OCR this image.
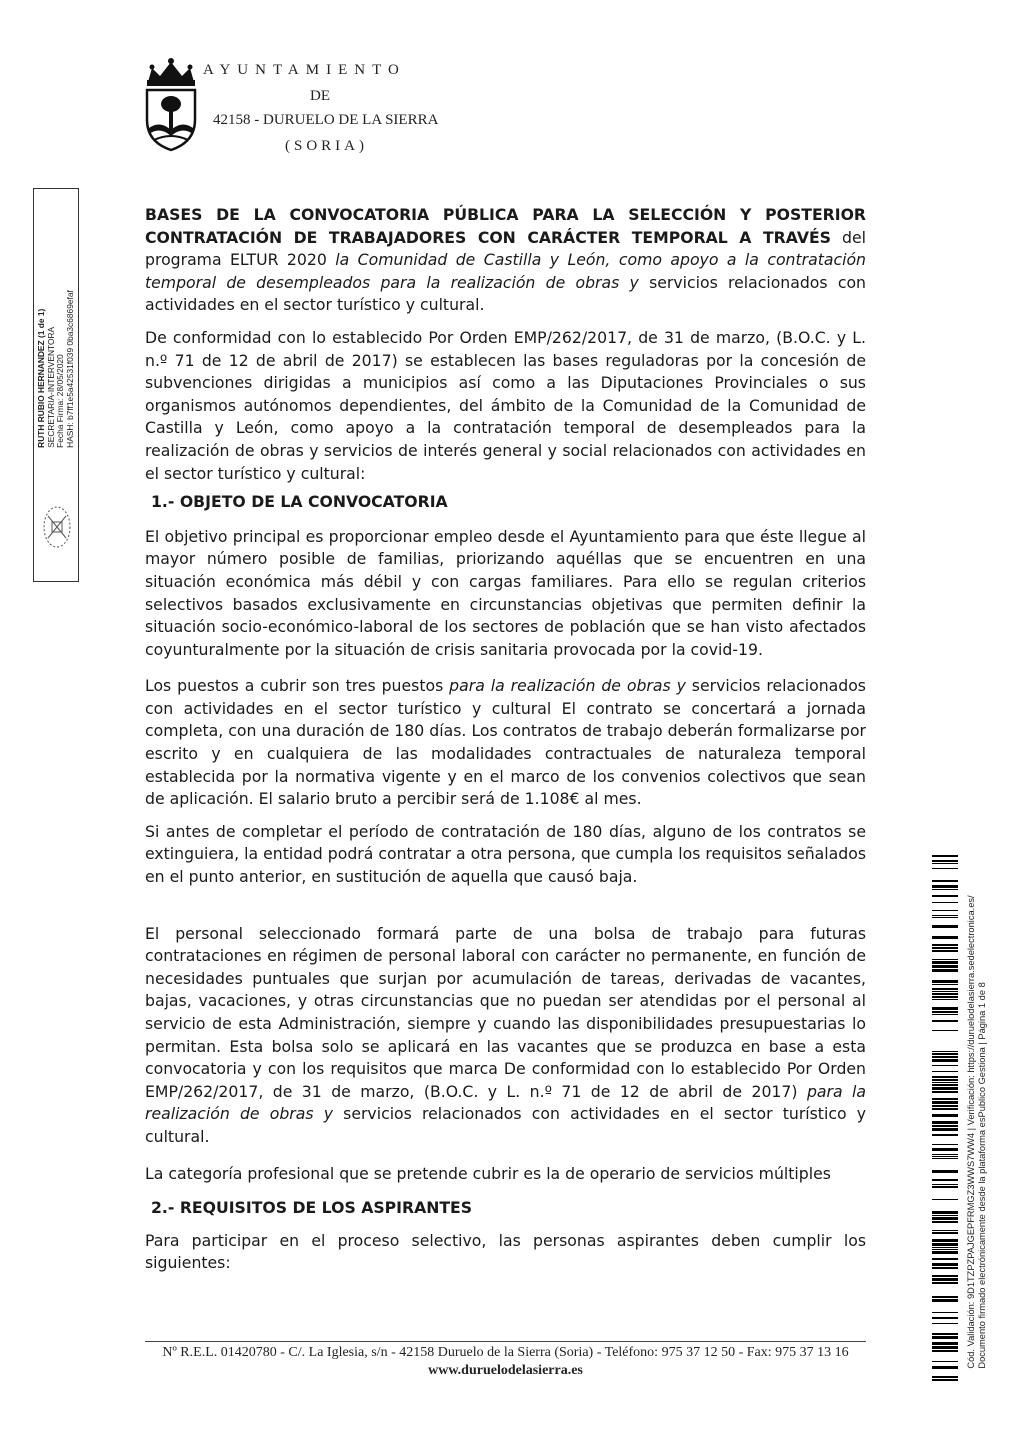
AYUNTAMIENTO
DE
42158 - DURUELO DE LA SIERRA
(SORIA)
RUTH RUBIO HERNANDEZ (1 de 1) SECRETARIA-INTERVENTORA Fecha Firma: 28/05/2020 HASH: b7ff1e5a42531f039 0ba3c6869efaf

BASES DE LA CONVOCATORIA PÚBLICA PARA LA SELECCIÓN Y POSTERIOR CONTRATACIÓN DE TRABAJADORES CON CARÁCTER TEMPORAL A TRAVÉS del programa ELTUR 2020 la Comunidad de Castilla y León, como apoyo a la contratación temporal de desempleados para la realización de obras y servicios relacionados con actividades en el sector turístico y cultural.

De conformidad con lo establecido Por Orden EMP/262/2017, de 31 de marzo, (B.O.C. y L. n.º 71 de 12 de abril de 2017) se establecen las bases reguladoras por la concesión de subvenciones dirigidas a municipios así como a las Diputaciones Provinciales o sus organismos autónomos dependientes, del ámbito de la Comunidad de la Comunidad de Castilla y León, como apoyo a la contratación temporal de desempleados para la realización de obras y servicios de interés general y social relacionados con actividades en el sector turístico y cultural:

1.- OBJETO DE LA CONVOCATORIA

El objetivo principal es proporcionar empleo desde el Ayuntamiento para que éste llegue al mayor número posible de familias, priorizando aquéllas que se encuentren en una situación económica más débil y con cargas familiares. Para ello se regulan criterios selectivos basados exclusivamente en circunstancias objetivas que permiten definir la situación socio-económico-laboral de los sectores de población que se han visto afectados coyunturalmente por la situación de crisis sanitaria provocada por la covid-19.

Los puestos a cubrir son tres puestos para la realización de obras y servicios relacionados con actividades en el sector turístico y cultural El contrato se concertará a jornada completa, con una duración de 180 días. Los contratos de trabajo deberán formalizarse por escrito y en cualquiera de las modalidades contractuales de naturaleza temporal establecida por la normativa vigente y en el marco de los convenios colectivos que sean de aplicación. El salario bruto a percibir será de 1.108€ al mes.

Si antes de completar el período de contratación de 180 días, alguno de los contratos se extinguiera, la entidad podrá contratar a otra persona, que cumpla los requisitos señalados en el punto anterior, en sustitución de aquella que causó baja.

El personal seleccionado formará parte de una bolsa de trabajo para futuras contrataciones en régimen de personal laboral con carácter no permanente, en función de necesidades puntuales que surjan por acumulación de tareas, derivadas de vacantes, bajas, vacaciones, y otras circunstancias que no puedan ser atendidas por el personal al servicio de esta Administración, siempre y cuando las disponibilidades presupuestarias lo permitan. Esta bolsa solo se aplicará en las vacantes que se produzca en base a esta convocatoria y con los requisitos que marca De conformidad con lo establecido Por Orden EMP/262/2017, de 31 de marzo, (B.O.C. y L. n.º 71 de 12 de abril de 2017) para la realización de obras y servicios relacionados con actividades en el sector turístico y cultural.

La categoría profesional que se pretende cubrir es la de operario de servicios múltiples

2.- REQUISITOS DE LOS ASPIRANTES

Para participar en el proceso selectivo, las personas aspirantes deben cumplir los siguientes:

Nº R.E.L. 01420780 - C/. La Iglesia, s/n - 42158 Duruelo de la Sierra (Soria) - Teléfono: 975 37 12 50 - Fax: 975 37 13 16
www.duruelodelasierra.es
Cód. Validación: 9D1TZPZPAJGEPFRMGZ3WWS7WW4 | Verificación: https://duruelodelasierra.sedelectronica.es/ Documento firmado electrónicamente desde la plataforma esPublico Gestiona | Página 1 de 8
